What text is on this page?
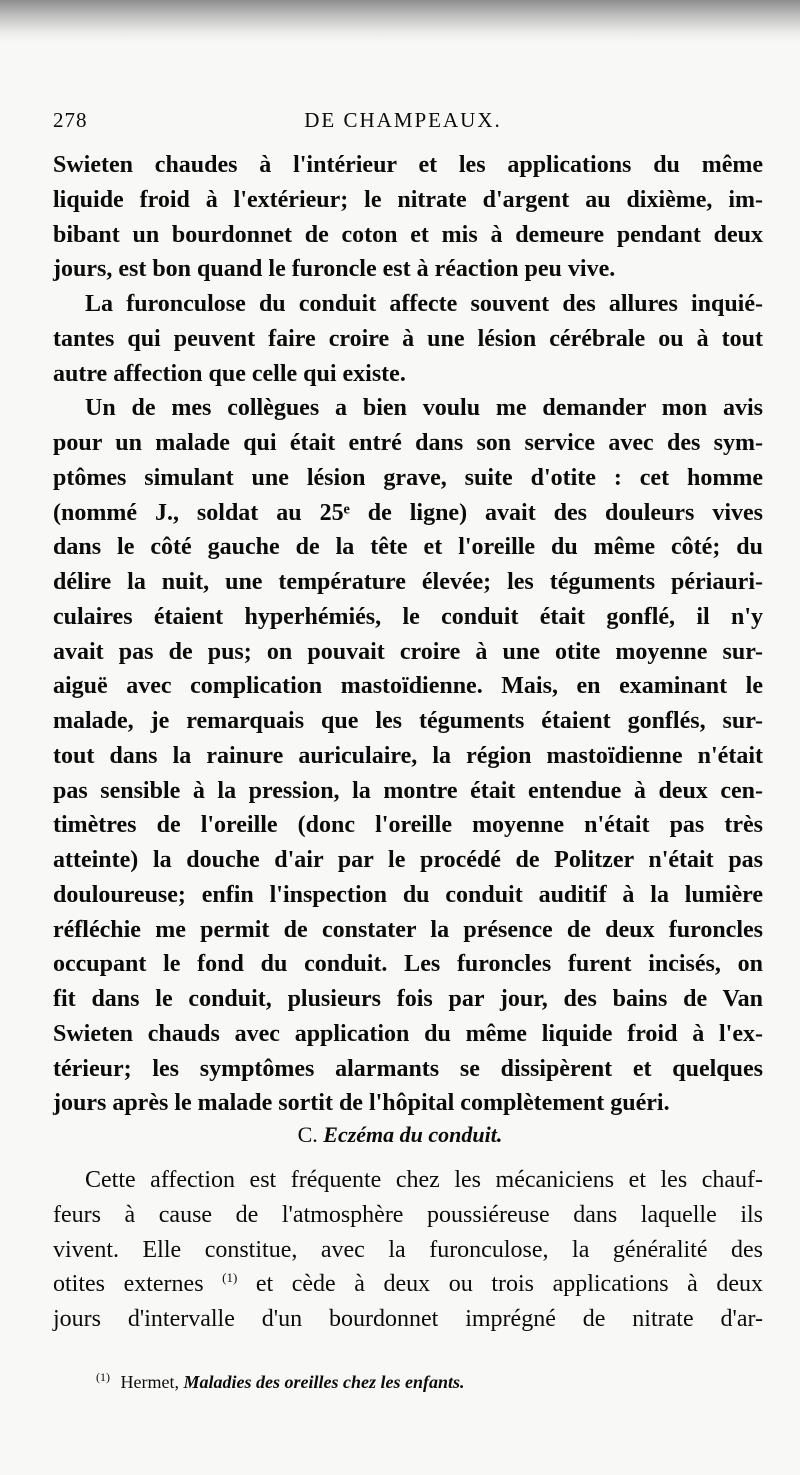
278	DE CHAMPEAUX.
Swieten chaudes à l'intérieur et les applications du même
liquide froid à l'extérieur; le nitrate d'argent au dixième, im-
bibant un bourdonnet de coton et mis à demeure pendant deux
jours, est bon quand le furoncle est à réaction peu vive.
La furonculose du conduit affecte souvent des allures inquié-
tantes qui peuvent faire croire à une lésion cérébrale ou à tout
autre affection que celle qui existe.
Un de mes collègues a bien voulu me demander mon avis
pour un malade qui était entré dans son service avec des sym-
ptômes simulant une lésion grave, suite d'otite : cet homme
(nommé J., soldat au 25ᵉ de ligne) avait des douleurs vives
dans le côté gauche de la tête et l'oreille du même côté; du
délire la nuit, une température élevée; les téguments périauri-
culaires étaient hyperhémiés, le conduit était gonflé, il n'y
avait pas de pus; on pouvait croire à une otite moyenne sur-
aiguë avec complication mastoïdienne. Mais, en examinant le
malade, je remarquais que les téguments étaient gonflés, sur-
tout dans la rainure auriculaire, la région mastoïdienne n'était
pas sensible à la pression, la montre était entendue à deux cen-
timètres de l'oreille (donc l'oreille moyenne n'était pas très
atteinte) la douche d'air par le procédé de Politzer n'était pas
douloureuse; enfin l'inspection du conduit auditif à la lumière
réfléchie me permit de constater la présence de deux furoncles
occupant le fond du conduit. Les furoncles furent incisés, on
fit dans le conduit, plusieurs fois par jour, des bains de Van
Swieten chauds avec application du même liquide froid à l'ex-
térieur; les symptômes alarmants se dissipèrent et quelques
jours après le malade sortit de l'hôpital complètement guéri.
C. Eczéma du conduit.
Cette affection est fréquente chez les mécaniciens et les chauf-
feurs à cause de l'atmosphère poussiéreuse dans laquelle ils
vivent. Elle constitue, avec la furonculose, la généralité des
otites externes $^{(1)}$ et cède à deux ou trois applications à deux
jours d'intervalle d'un bourdonnet imprégné de nitrate d'ar-
$^{(1)}$ Hermet, Maladies des oreilles chez les enfants.
